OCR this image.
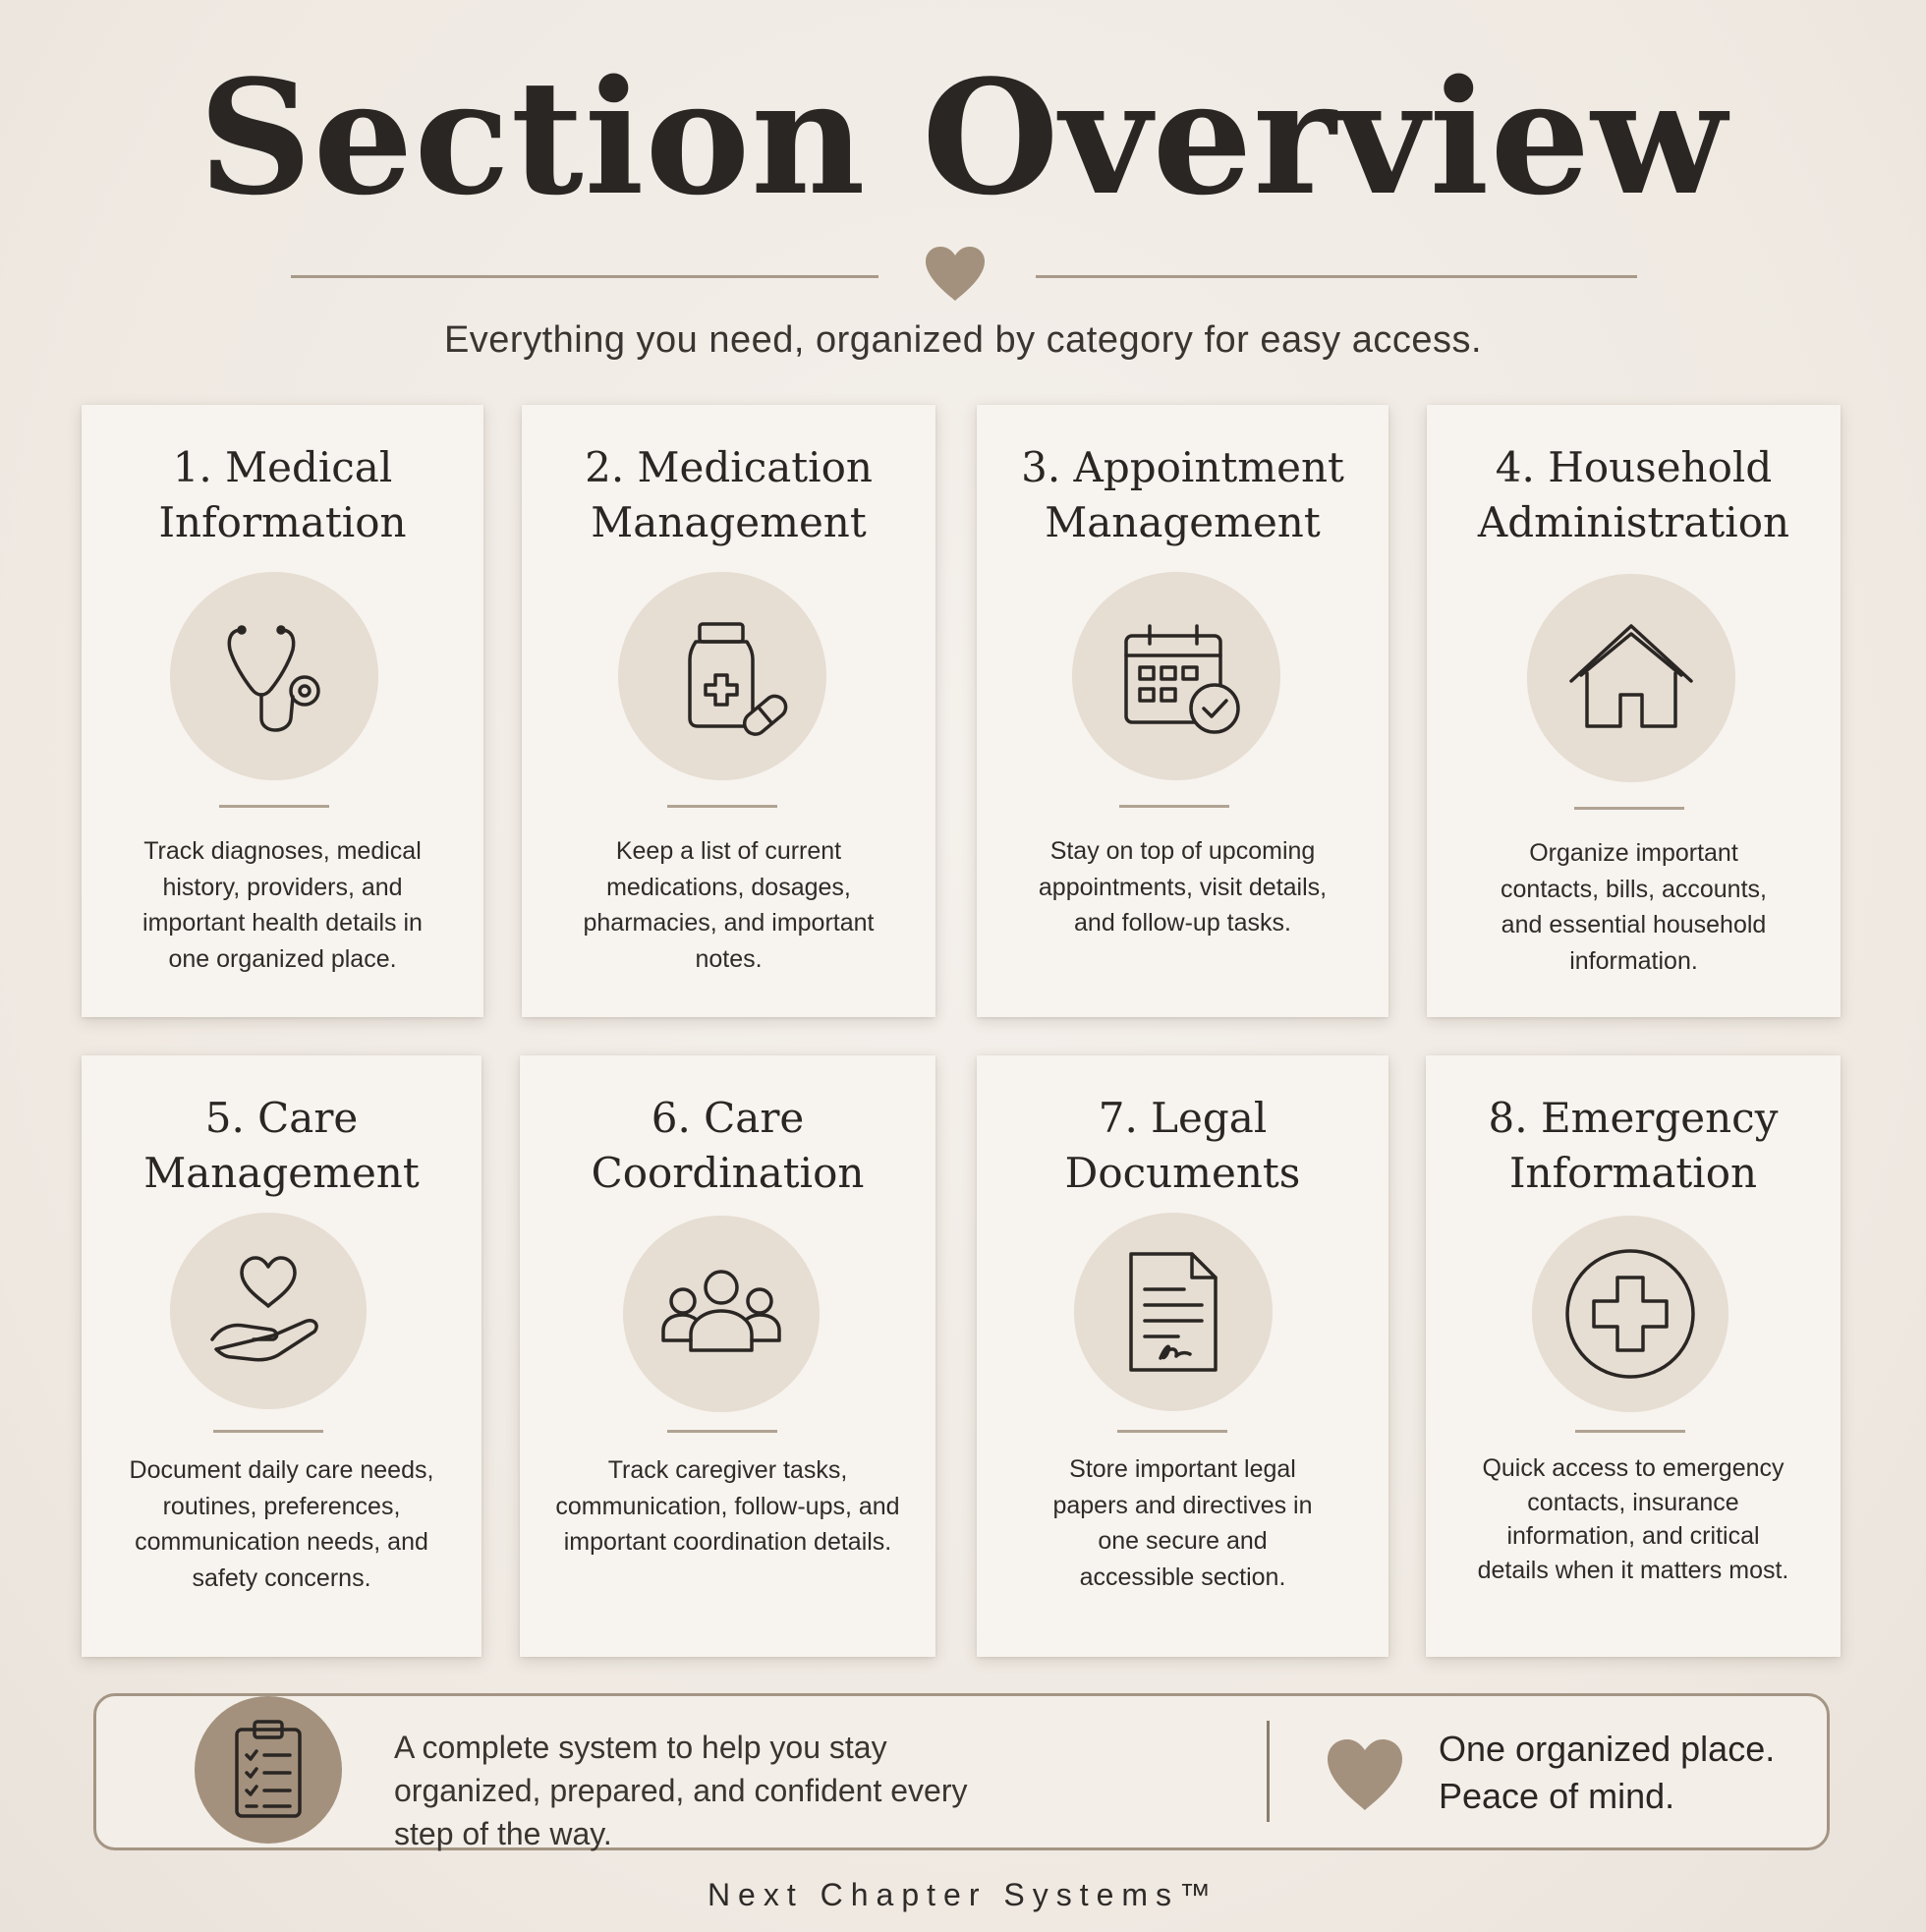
Section Overview

Everything you need, organized by category for easy access.

1. Medical Information

Track diagnoses, medical history, providers, and important health details in one organized place.

2. Medication Management

Keep a list of current medications, dosages, pharmacies, and important notes.

3. Appointment Management

Stay on top of upcoming appointments, visit details, and follow-up tasks.

4. Household Administration

Organize important contacts, bills, accounts, and essential household information.

5. Care Management

Document daily care needs, routines, preferences, communication needs, and safety concerns.

6. Care Coordination

Track caregiver tasks, communication, follow-ups, and important coordination details.

7. Legal Documents

Store important legal papers and directives in one secure and accessible section.

8. Emergency Information

Quick access to emergency contacts, insurance information, and critical details when it matters most.

A complete system to help you stay organized, prepared, and confident every step of the way.

One organized place.
Peace of mind.
Next Chapter Systems™
